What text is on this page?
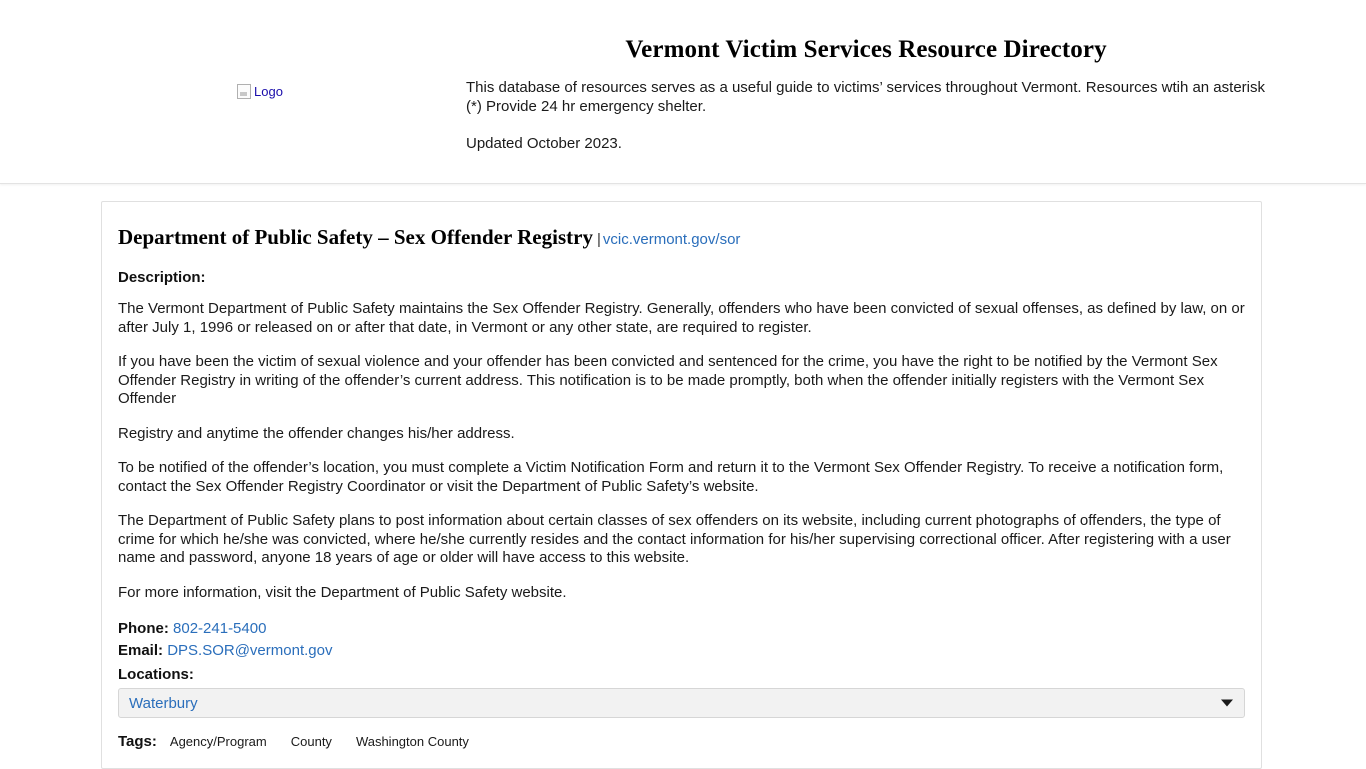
Logo
Vermont Victim Services Resource Directory

This database of resources serves as a useful guide to victims’ services throughout Vermont. Resources wtih an asterisk (*) Provide 24 hr emergency shelter.

Updated October 2023.

Department of Public Safety – Sex Offender Registry | vcic.vermont.gov/sor
Description:

The Vermont Department of Public Safety maintains the Sex Offender Registry. Generally, offenders who have been convicted of sexual offenses, as defined by law, on or after July 1, 1996 or released on or after that date, in Vermont or any other state, are required to register.

If you have been the victim of sexual violence and your offender has been convicted and sentenced for the crime, you have the right to be notified by the Vermont Sex Offender Registry in writing of the offender’s current address. This notification is to be made promptly, both when the offender initially registers with the Vermont Sex Offender

Registry and anytime the offender changes his/her address.

To be notified of the offender’s location, you must complete a Victim Notification Form and return it to the Vermont Sex Offender Registry. To receive a notification form, contact the Sex Offender Registry Coordinator or visit the Department of Public Safety’s website.

The Department of Public Safety plans to post information about certain classes of sex offenders on its website, including current photographs of offenders, the type of crime for which he/she was convicted, where he/she currently resides and the contact information for his/her supervising correctional officer. After registering with a user name and password, anyone 18 years of age or older will have access to this website.

For more information, visit the Department of Public Safety website.

Phone: 802-241-5400
Email: DPS.SOR@vermont.gov
Locations:
Waterbury
Tags: Agency/Program County Washington County
